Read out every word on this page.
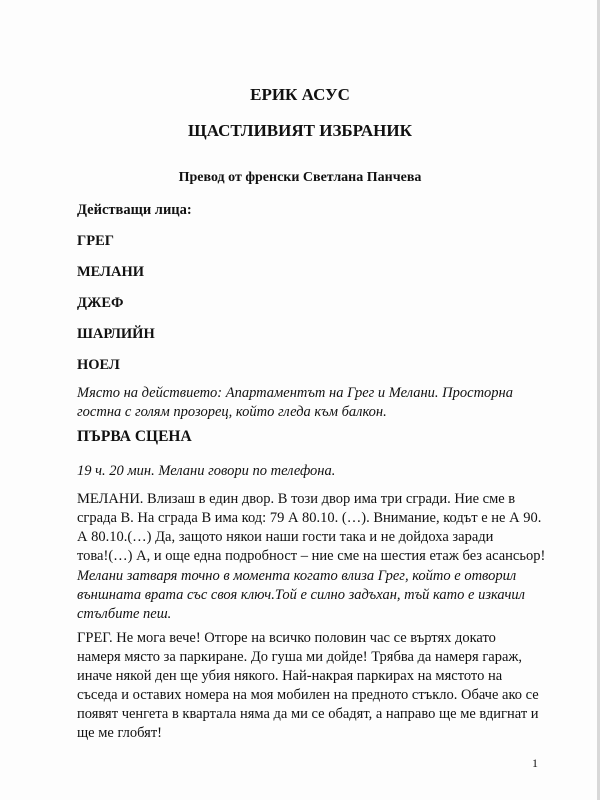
ЕРИК АСУС
ЩАСТЛИВИЯТ ИЗБРАНИК
Превод от френски Светлана Панчева
Действащи лица:
ГРЕГ
МЕЛАНИ
ДЖЕФ
ШАРЛИЙН
НОЕЛ
Място на действието: Апартаментът на Грег и Мелани. Просторна
гостна с голям прозорец, който гледа към балкон.
ПЪРВА СЦЕНА
19 ч. 20 мин. Мелани говори по телефона.
МЕЛАНИ. Влизаш в един двор. В този двор има три сгради. Ние сме в
сграда В. На сграда В има код: 79 А 80.10. (…). Внимание, кодът е не А 90.
А 80.10.(…) Да, защото някои наши гости така и не дойдоха заради
това!(…) А, и още една подробност – ние сме на шестия етаж без асансьор!
Мелани затваря точно в момента когато влиза Грег, който е отворил
външната врата със своя ключ.Той е силно задъхан, тъй като е изкачил
стълбите пеш.
ГРЕГ. Не мога вече! Отгоре на всичко половин час се въртях докато
намеря място за паркиране. До гуша ми дойде! Трябва да намеря гараж,
иначе някой ден ще убия някого. Най-накрая паркирах на мястото на
съседа и оставих номера на моя мобилен на предното стъкло. Обаче ако се
появят ченгета в квартала няма да ми се обадят, а направо ще ме вдигнат и
ще ме глобят!
1
